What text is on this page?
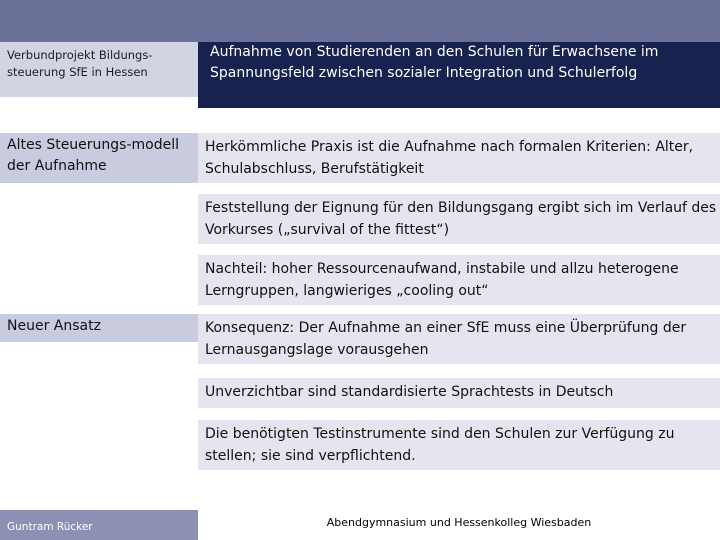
Verbundprojekt Bildungs-steuerung SfE in Hessen
Aufnahme von Studierenden an den Schulen für Erwachsene im Spannungsfeld zwischen sozialer Integration und Schulerfolg
Altes Steuerungs-modell der Aufnahme
Neuer Ansatz
Herkömmliche Praxis ist die Aufnahme nach formalen Kriterien: Alter, Schulabschluss, Berufstätigkeit
Feststellung der Eignung für den Bildungsgang ergibt sich im Verlauf des Vorkurses („survival of the fittest“)
Nachteil: hoher Ressourcenaufwand, instabile und allzu heterogene Lerngruppen, langwieriges „cooling out“
Konsequenz: Der Aufnahme an einer SfE muss eine Überprüfung der Lernausgangslage vorausgehen
Unverzichtbar sind standardisierte Sprachtests in Deutsch
Die benötigten Testinstrumente sind den Schulen zur Verfügung zu stellen; sie sind verpflichtend.
Guntram Rücker	Abendgymnasium und Hessenkolleg Wiesbaden
